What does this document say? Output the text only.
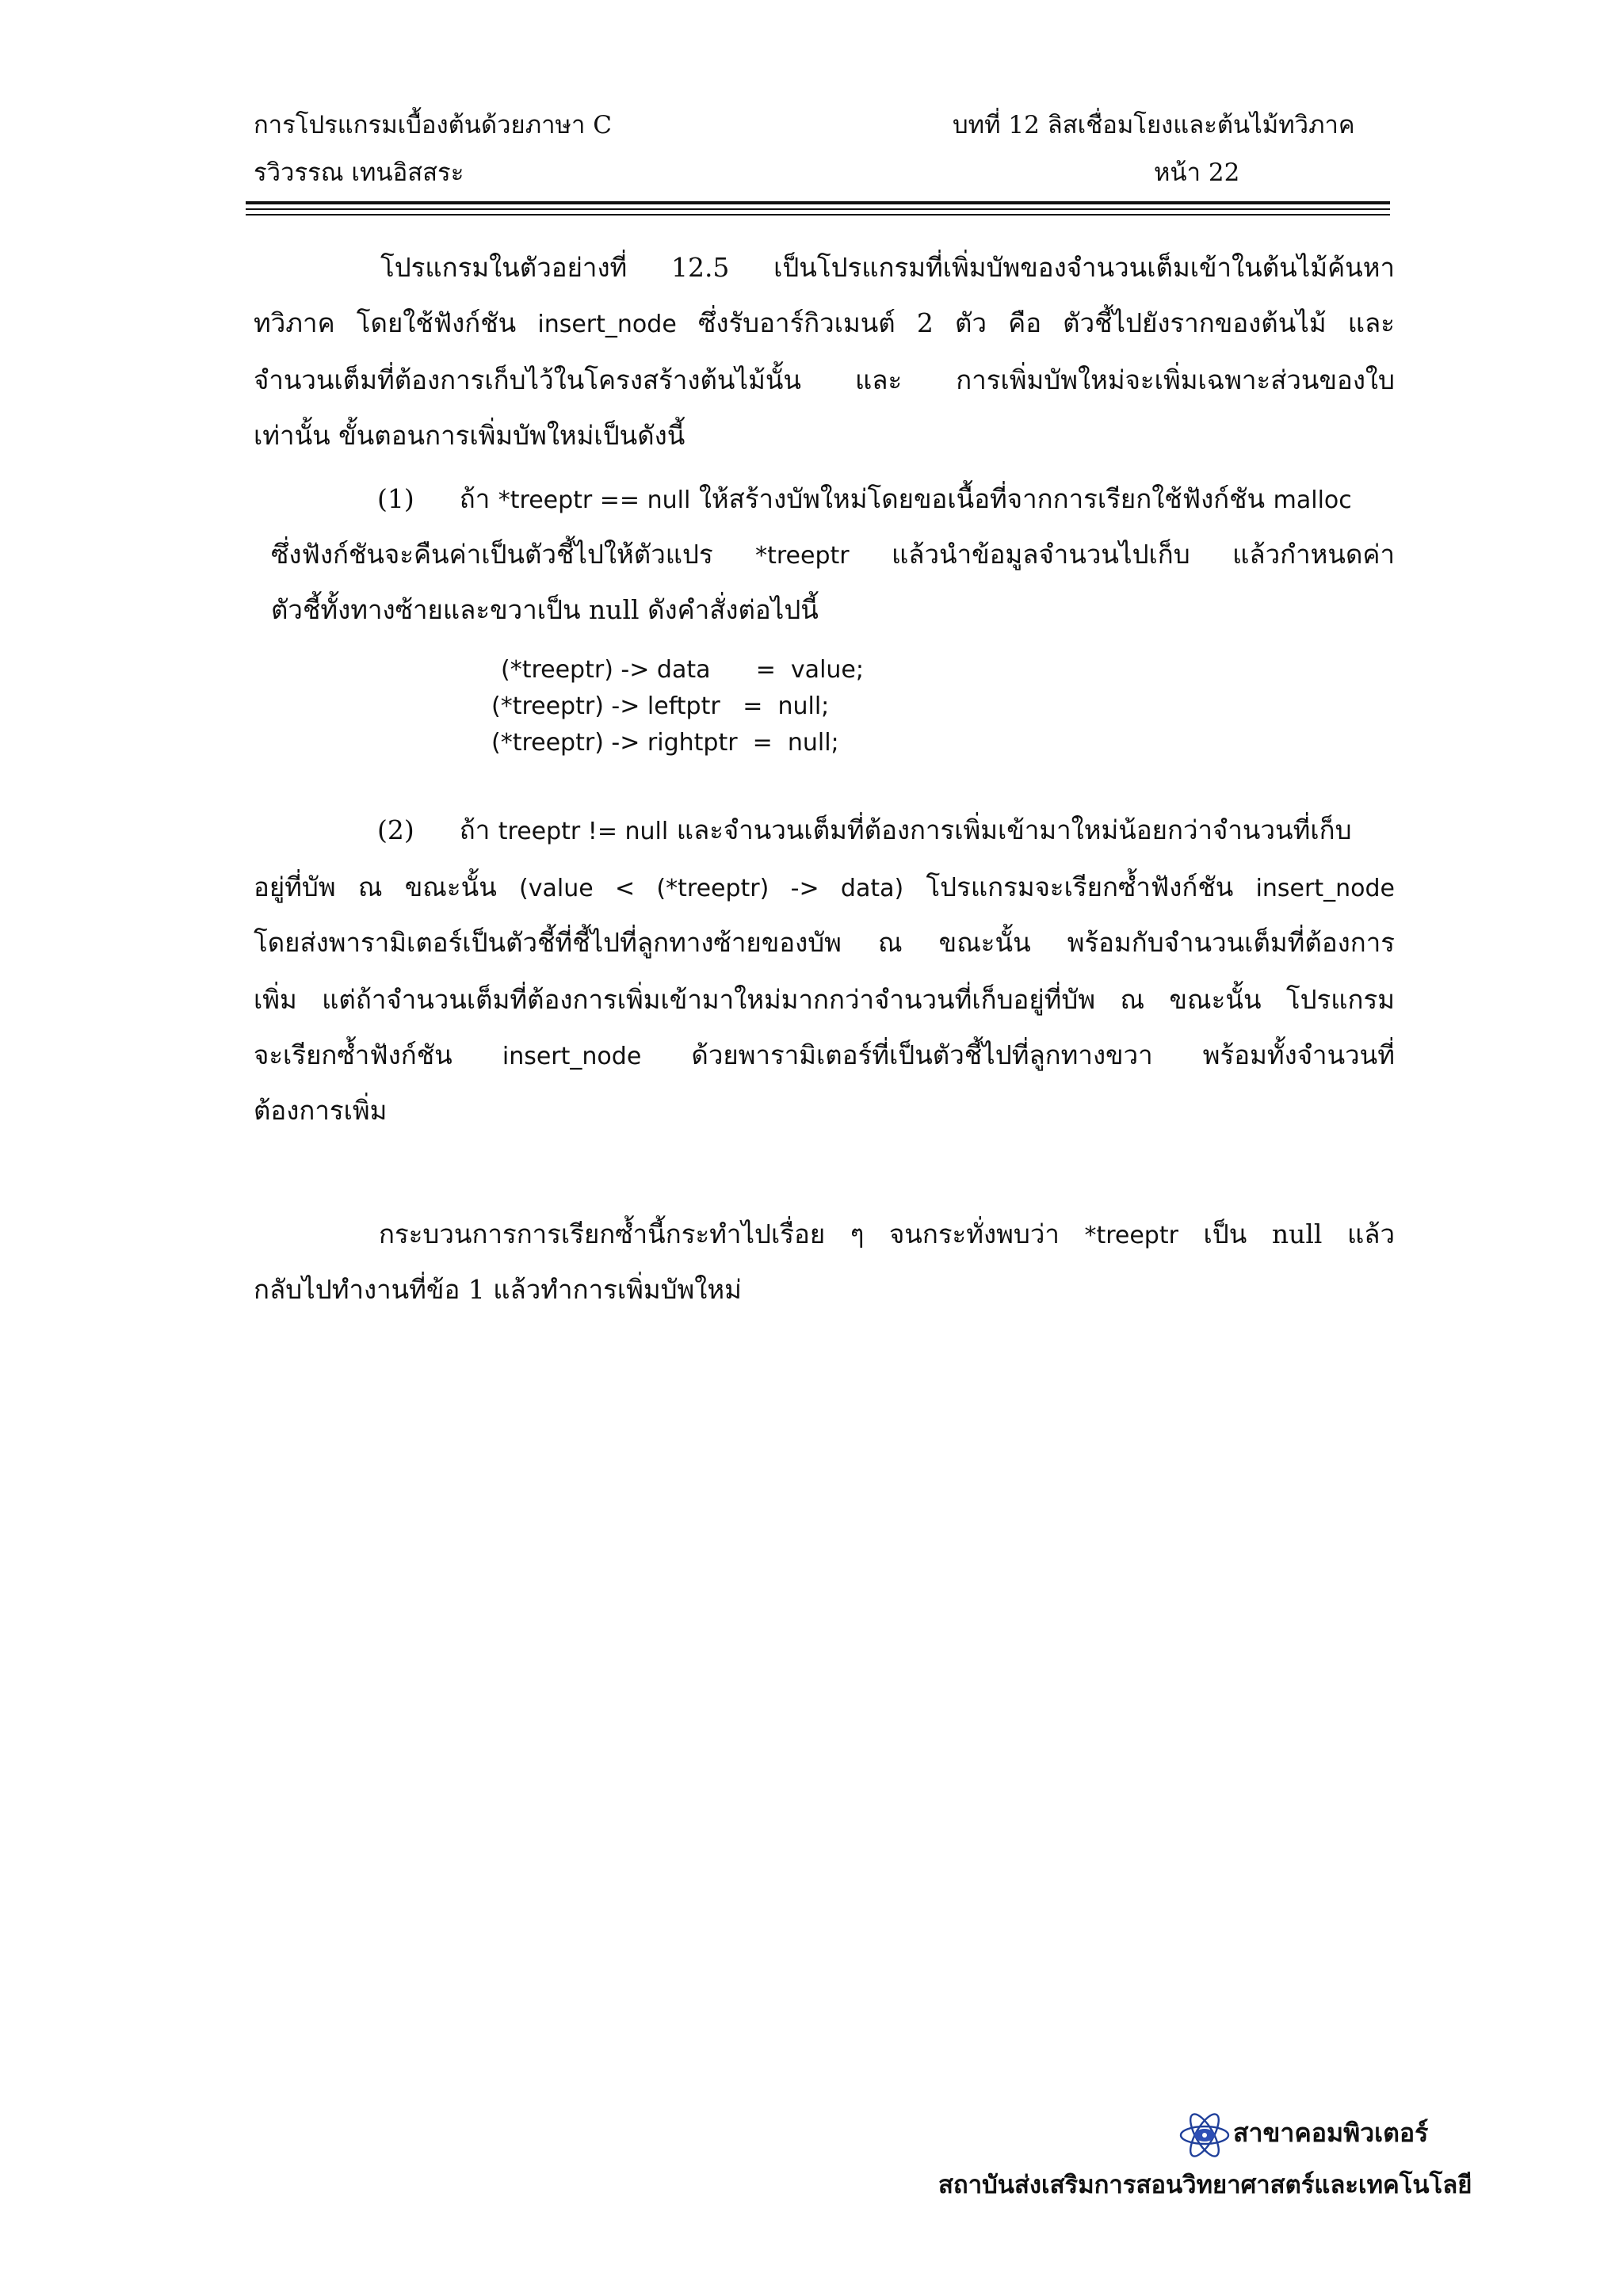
การโปรแกรมเบื้องต้นด้วยภาษา C
รวิวรรณ เทนอิสสระ
บทที่ 12 ลิสเชื่อมโยงและต้นไม้ทวิภาค
หน้า 22
โปรแกรมในตัวอย่างที่ 12.5 เป็นโปรแกรมที่เพิ่มบัพของจำนวนเต็มเข้าในต้นไม้ค้นหา
ทวิภาค โดยใช้ฟังก์ชัน insert_node ซึ่งรับอาร์กิวเมนต์ 2 ตัว คือ ตัวชี้ไปยังรากของต้นไม้ และ
จำนวนเต็มที่ต้องการเก็บไว้ในโครงสร้างต้นไม้นั้น และ การเพิ่มบัพใหม่จะเพิ่มเฉพาะส่วนของใบ
เท่านั้น ขั้นตอนการเพิ่มบัพใหม่เป็นดังนี้
(1) ถ้า *treeptr == null ให้สร้างบัพใหม่โดยขอเนื้อที่จากการเรียกใช้ฟังก์ชัน malloc
ซึ่งฟังก์ชันจะคืนค่าเป็นตัวชี้ไปให้ตัวแปร *treeptr แล้วนำข้อมูลจำนวนไปเก็บ แล้วกำหนดค่า
ตัวชี้ทั้งทางซ้ายและขวาเป็น null ดังคำสั่งต่อไปนี้
(*treeptr) -> data      =  value;
(*treeptr) -> leftptr   =  null;
(*treeptr) -> rightptr  =  null;
(2) ถ้า treeptr != null และจำนวนเต็มที่ต้องการเพิ่มเข้ามาใหม่น้อยกว่าจำนวนที่เก็บ
อยู่ที่บัพ ณ ขณะนั้น (value < (*treeptr) -> data) โปรแกรมจะเรียกซ้ำฟังก์ชัน insert_node
โดยส่งพารามิเตอร์เป็นตัวชี้ที่ชี้ไปที่ลูกทางซ้ายของบัพ ณ ขณะนั้น พร้อมกับจำนวนเต็มที่ต้องการ
เพิ่ม แต่ถ้าจำนวนเต็มที่ต้องการเพิ่มเข้ามาใหม่มากกว่าจำนวนที่เก็บอยู่ที่บัพ ณ ขณะนั้น โปรแกรม
จะเรียกซ้ำฟังก์ชัน insert_node ด้วยพารามิเตอร์ที่เป็นตัวชี้ไปที่ลูกทางขวา พร้อมทั้งจำนวนที่
ต้องการเพิ่ม
กระบวนการการเรียกซ้ำนี้กระทำไปเรื่อย ๆ จนกระทั่งพบว่า *treeptr เป็น null แล้ว
กลับไปทำงานที่ข้อ 1 แล้วทำการเพิ่มบัพใหม่
สาขาคอมพิวเตอร์
สถาบันส่งเสริมการสอนวิทยาศาสตร์และเทคโนโลยี
